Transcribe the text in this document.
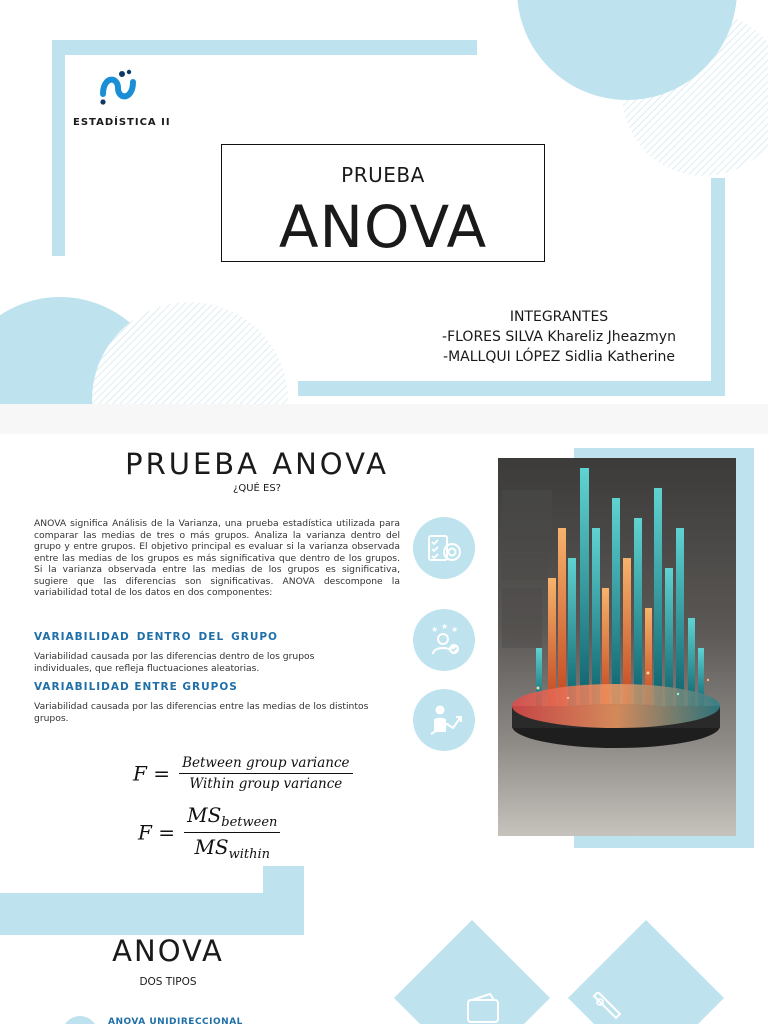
ESTADÍSTICA II
PRUEBA
ANOVA
INTEGRANTES
-FLORES SILVA Khareliz Jheazmyn
-MALLQUI LÓPEZ Sidlia Katherine
PRUEBA ANOVA
¿QUÉ ES?
ANOVA significa Análisis de la Varianza, una prueba estadística utilizada para comparar las medias de tres o más grupos. Analiza la varianza dentro del grupo y entre grupos. El objetivo principal es evaluar si la varianza observada entre las medias de los grupos es más significativa que dentro de los grupos. Si la varianza observada entre las medias de los grupos es significativa, sugiere que las diferencias son significativas. ANOVA descompone la variabilidad total de los datos en dos componentes:
VARIABILIDAD DENTRO DEL GRUPO
Variabilidad causada por las diferencias dentro de los grupos individuales, que refleja fluctuaciones aleatorias.
VARIABILIDAD ENTRE GRUPOS
Variabilidad causada por las diferencias entre las medias de los distintos grupos.
$F = \frac{\text{Between group variance}}{\text{Within group variance}}$
$F = \frac{MS_{between}}{MS_{within}}$
★ ★ ★
ANOVA
DOS TIPOS
ANOVA UNIDIRECCIONAL
